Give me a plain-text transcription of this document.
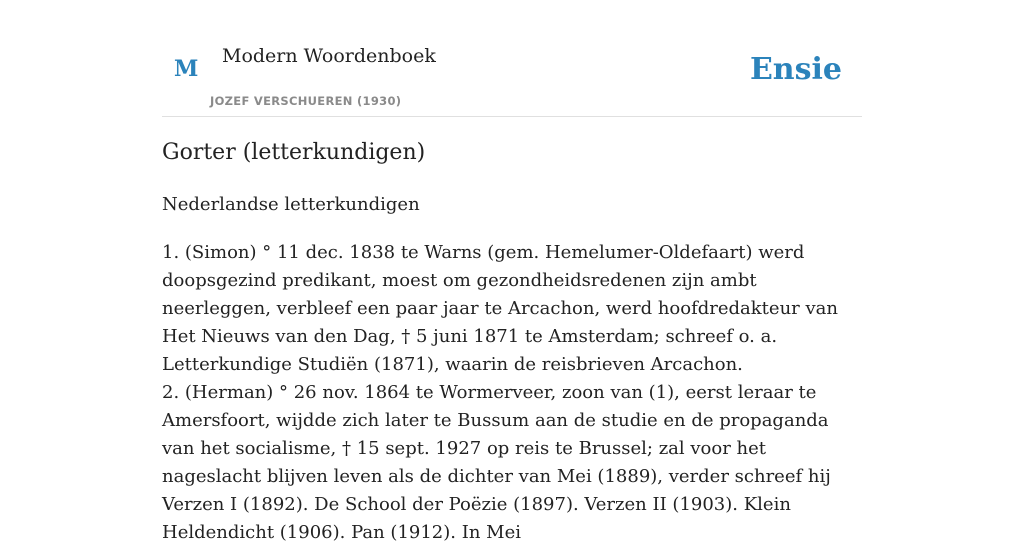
M Modern Woordenboek
JOZEF VERSCHUEREN (1930)
Ensie
Gorter (letterkundigen)

Nederlandse letterkundigen

1. (Simon) ° 11 dec. 1838 te Warns (gem. Hemelumer-Oldefaart) werd doopsgezind predikant, moest om gezondheidsredenen zijn ambt neerleggen, verbleef een paar jaar te Arcachon, werd hoofdredakteur van Het Nieuws van den Dag, † 5 juni 1871 te Amsterdam; schreef o. a. Letterkundige Studiën (1871), waarin de reisbrieven Arcachon.

2. (Herman) ° 26 nov. 1864 te Wormerveer, zoon van (1), eerst leraar te Amersfoort, wijdde zich later te Bussum aan de studie en de propaganda van het socialisme, † 15 sept. 1927 op reis te Brussel; zal voor het nageslacht blijven leven als de dichter van Mei (1889), verder schreef hij Verzen I (1892). De School der Poëzie (1897). Verzen II (1903). Klein Heldendicht (1906). Pan (1912). In Mei
